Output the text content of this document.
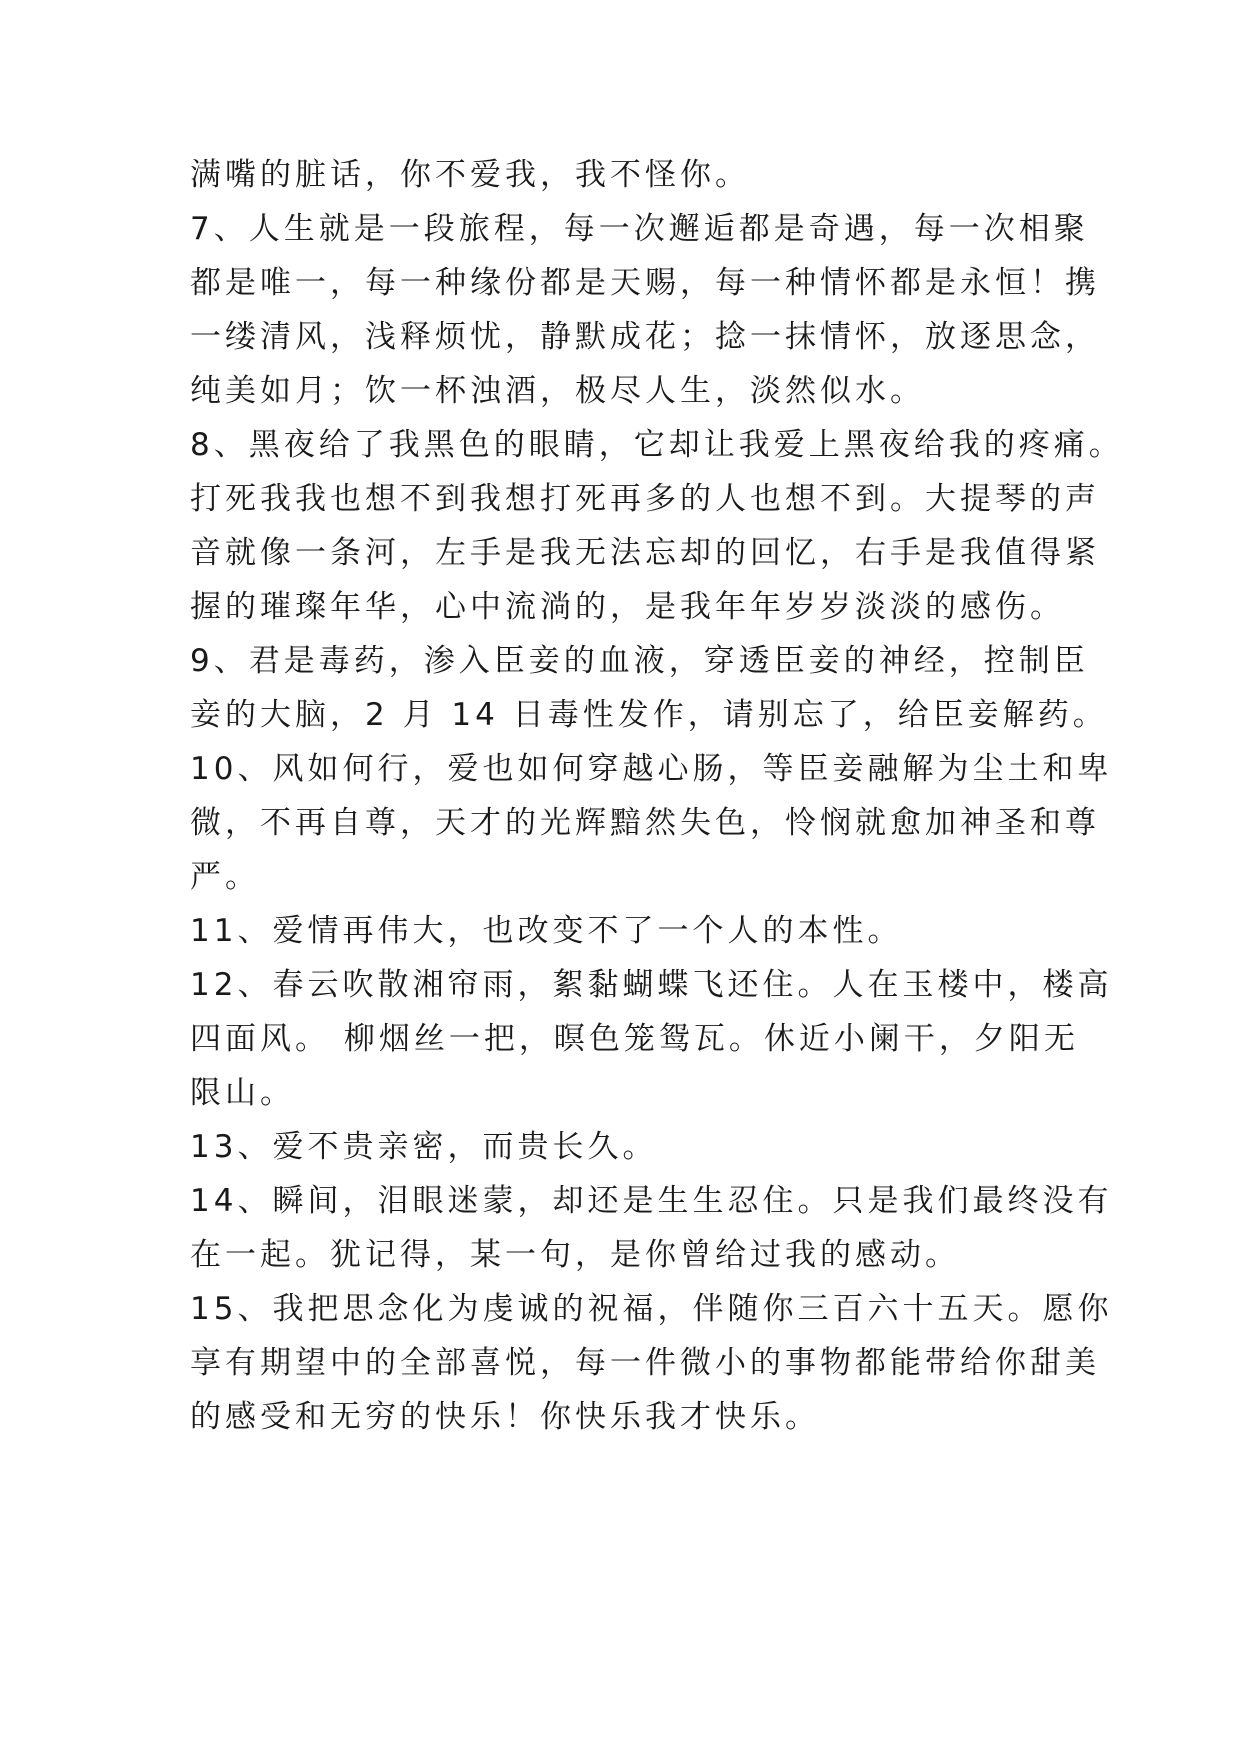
满嘴的脏话，你不爱我，我不怪你。
7、人生就是一段旅程，每一次邂逅都是奇遇，每一次相聚
都是唯一，每一种缘份都是天赐，每一种情怀都是永恒！携
一缕清风，浅释烦忧，静默成花；捻一抹情怀，放逐思念，
纯美如月；饮一杯浊酒，极尽人生，淡然似水。
8、黑夜给了我黑色的眼睛，它却让我爱上黑夜给我的疼痛。
打死我我也想不到我想打死再多的人也想不到。大提琴的声
音就像一条河，左手是我无法忘却的回忆，右手是我值得紧
握的璀璨年华，心中流淌的，是我年年岁岁淡淡的感伤。
9、君是毒药，渗入臣妾的血液，穿透臣妾的神经，控制臣
妾的大脑，2 月 14 日毒性发作，请别忘了，给臣妾解药。
10、风如何行，爱也如何穿越心肠，等臣妾融解为尘土和卑
微，不再自尊，天才的光辉黯然失色，怜悯就愈加神圣和尊
严。
11、爱情再伟大，也改变不了一个人的本性。
12、春云吹散湘帘雨，絮黏蝴蝶飞还住。人在玉楼中，楼高
四面风。 柳烟丝一把，暝色笼鸳瓦。休近小阑干，夕阳无
限山。
13、爱不贵亲密，而贵长久。
14、瞬间，泪眼迷蒙，却还是生生忍住。只是我们最终没有
在一起。犹记得，某一句，是你曾给过我的感动。
15、我把思念化为虔诚的祝福，伴随你三百六十五天。愿你
享有期望中的全部喜悦，每一件微小的事物都能带给你甜美
的感受和无穷的快乐！你快乐我才快乐。
